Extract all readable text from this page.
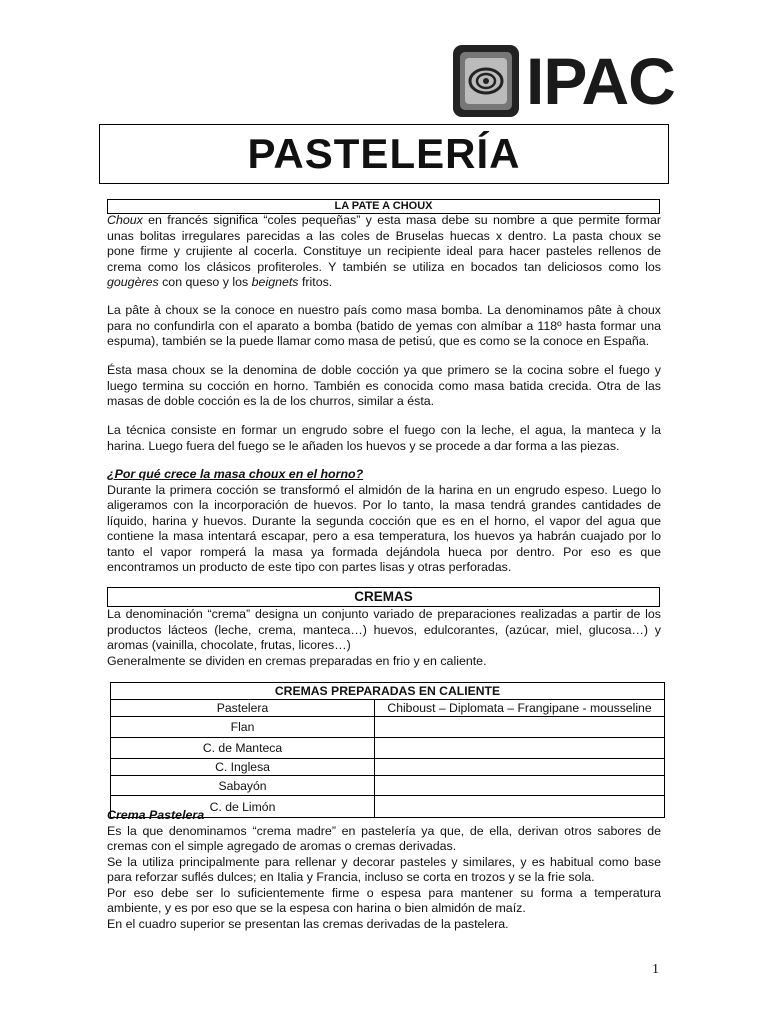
IPAC
PASTELERÍA
LA PATE A CHOUX
Choux en francés significa “coles pequeñas” y esta masa debe su nombre a que permite formar
unas bolitas irregulares parecidas a las coles de Bruselas huecas x dentro. La pasta choux se
pone firme y crujiente al cocerla. Constituye un recipiente ideal para hacer pasteles rellenos de
crema como los clásicos profiteroles. Y también se utiliza en bocados tan deliciosos como los
gougères con queso y los beignets fritos.
La pâte à choux se la conoce en nuestro país como masa bomba. La denominamos pâte à choux
para no confundirla con el aparato a bomba (batido de yemas con almíbar a 118º hasta formar una
espuma), también se la puede llamar como masa de petisú, que es como se la conoce en España.
Ésta masa choux se la denomina de doble cocción ya que primero se la cocina sobre el fuego y
luego termina su cocción en horno. También es conocida como masa batida crecida. Otra de las
masas de doble cocción es la de los churros, similar a ésta.
La técnica consiste en formar un engrudo sobre el fuego con la leche, el agua, la manteca y la
harina. Luego fuera del fuego se le añaden los huevos y se procede a dar forma a las piezas.
¿Por qué crece la masa choux en el horno?
Durante la primera cocción se transformó el almidón de la harina en un engrudo espeso. Luego lo
aligeramos con la incorporación de huevos. Por lo tanto, la masa tendrá grandes cantidades de
líquido, harina y huevos. Durante la segunda cocción que es en el horno, el vapor del agua que
contiene la masa intentará escapar, pero a esa temperatura, los huevos ya habrán cuajado por lo
tanto el vapor romperá la masa ya formada dejándola hueca por dentro. Por eso es que
encontramos un producto de este tipo con partes lisas y otras perforadas.
CREMAS
La denominación “crema” designa un conjunto variado de preparaciones realizadas a partir de los
productos lácteos (leche, crema, manteca…) huevos, edulcorantes, (azúcar, miel, glucosa…) y
aromas (vainilla, chocolate, frutas, licores…)
Generalmente se dividen en cremas preparadas en frio y en caliente.
CREMAS PREPARADAS EN CALIENTE	
Pastelera	Chiboust – Diplomata – Frangipane - mousseline
Flan	
C. de Manteca	
C. Inglesa	
Sabayón	
C. de Limón	
Crema Pastelera
Es la que denominamos “crema madre” en pastelería ya que, de ella, derivan otros sabores de
cremas con el simple agregado de aromas o cremas derivadas.
Se la utiliza principalmente para rellenar y decorar pasteles y similares, y es habitual como base
para reforzar suflés dulces; en Italia y Francia, incluso se corta en trozos y se la frie sola.
Por eso debe ser lo suficientemente firme o espesa para mantener su forma a temperatura
ambiente, y es por eso que se la espesa con harina o bien almidón de maíz.
En el cuadro superior se presentan las cremas derivadas de la pastelera.
1
